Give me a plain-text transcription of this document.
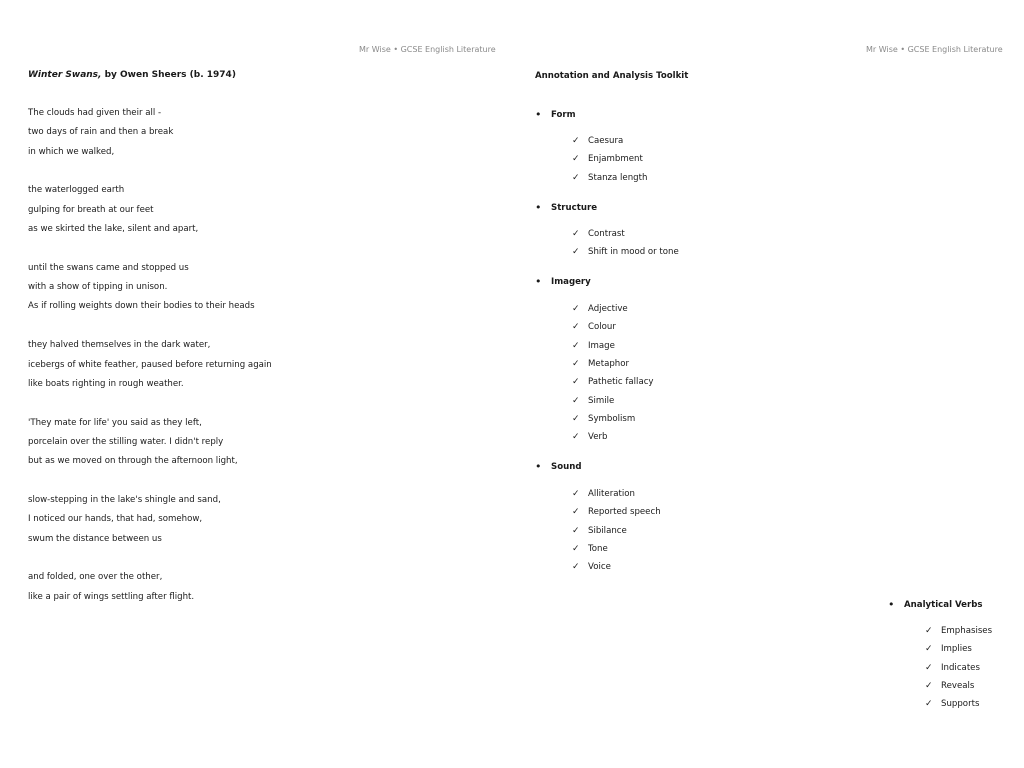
Mr Wise • GCSE English Literature	Mr Wise • GCSE English Literature
Winter Swans, by Owen Sheers (b. 1974)
The clouds had given their all -
two days of rain and then a break
in which we walked,
the waterlogged earth
gulping for breath at our feet
as we skirted the lake, silent and apart,
until the swans came and stopped us
with a show of tipping in unison.
As if rolling weights down their bodies to their heads
they halved themselves in the dark water,
icebergs of white feather, paused before returning again
like boats righting in rough weather.
'They mate for life' you said as they left,
porcelain over the stilling water. I didn't reply
but as we moved on through the afternoon light,
slow-stepping in the lake's shingle and sand,
I noticed our hands, that had, somehow,
swum the distance between us
and folded, one over the other,
like a pair of wings settling after flight.
Annotation and Analysis Toolkit
• Form
✓ Caesura
✓ Enjambment
✓ Stanza length
• Structure
✓ Contrast
✓ Shift in mood or tone
• Imagery
✓ Adjective
✓ Colour
✓ Image
✓ Metaphor
✓ Pathetic fallacy
✓ Simile
✓ Symbolism
✓ Verb
• Sound
✓ Alliteration
✓ Reported speech
✓ Sibilance
✓ Tone
✓ Voice
• Analytical Verbs
✓ Emphasises
✓ Implies
✓ Indicates
✓ Reveals
✓ Supports
